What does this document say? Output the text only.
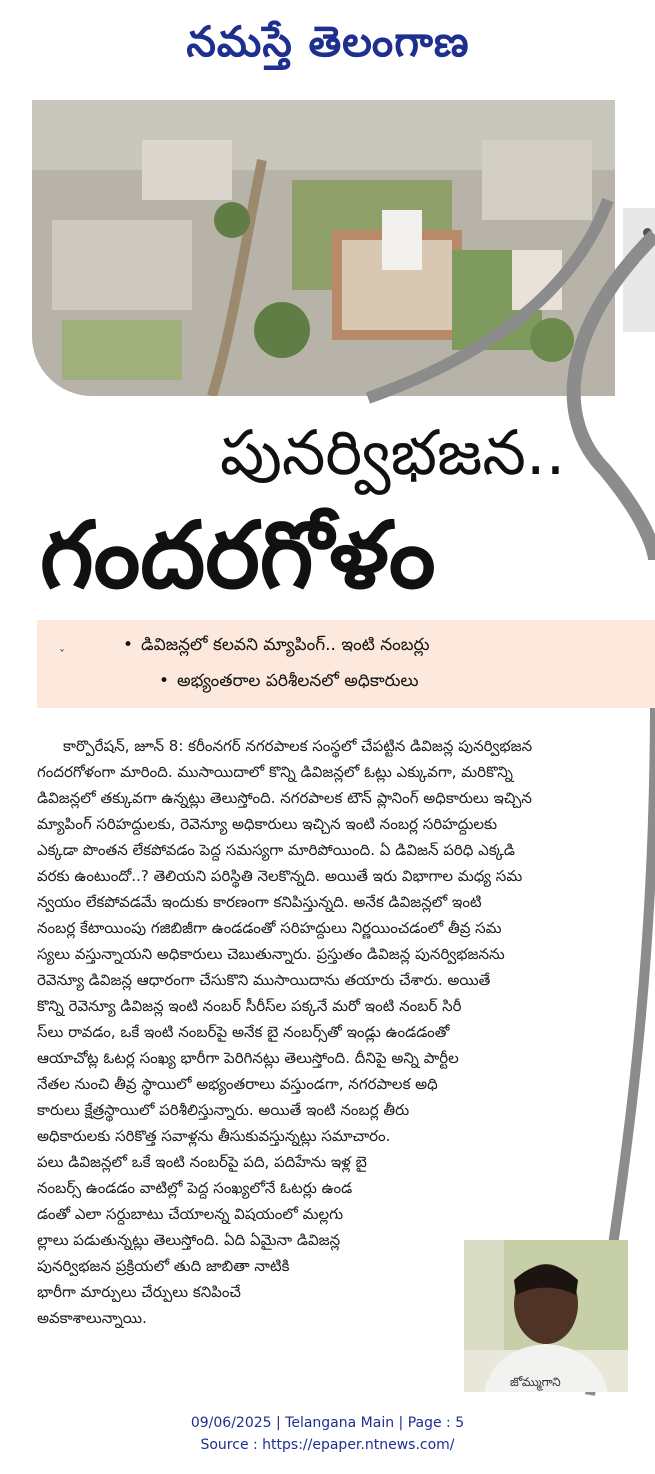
నమస్తే తెలంగాణ
పునర్విభజన..
గందరగోళం
ˇ	• డివిజన్లలో కలవని మ్యాపింగ్.. ఇంటి నంబర్లు
• అభ్యంతరాల పరిశీలనలో అధికారులు
కార్పొరేషన్, జూన్ 8: కరీంనగర్ నగరపాలక సంస్థలో చేపట్టిన డివిజన్ల పునర్విభజన
గందరగోళంగా మారింది. ముసాయిదాలో కొన్ని డివిజన్లలో ఓట్లు ఎక్కువగా, మరికొన్ని
డివిజన్లలో తక్కువగా ఉన్నట్లు తెలుస్తోంది. నగరపాలక టౌన్ ప్లానింగ్ అధికారులు ఇచ్చిన
మ్యాపింగ్ సరిహద్దులకు, రెవెన్యూ అధికారులు ఇచ్చిన ఇంటి నంబర్ల సరిహద్దులకు
ఎక్కడా పొంతన లేకపోవడం పెద్ద సమస్యగా మారిపోయింది. ఏ డివిజన్ పరిధి ఎక్కడి
వరకు ఉంటుందో..? తెలియని పరిస్థితి నెలకొన్నది. అయితే ఇరు విభాగాల మధ్య సమ
న్వయం లేకపోవడమే ఇందుకు కారణంగా కనిపిస్తున్నది. అనేక డివిజన్లలో ఇంటి
నంబర్ల కేటాయింపు గజిబిజీగా ఉండడంతో సరిహద్దులు నిర్ణయించడంలో తీవ్ర సమ
స్యలు వస్తున్నాయని అధికారులు చెబుతున్నారు. ప్రస్తుతం డివిజన్ల పునర్విభజనను
రెవెన్యూ డివిజన్ల ఆధారంగా చేసుకొని ముసాయిదాను తయారు చేశారు. అయితే
కొన్ని రెవెన్యూ డివిజన్ల ఇంటి నంబర్ సీరీస్‌ల పక్కనే మరో ఇంటి నంబర్ సిరీ
స్‌లు రావడం, ఒకే ఇంటి నంబర్‌పై అనేక బై నంబర్స్‌తో ఇండ్లు ఉండడంతో
ఆయాచోట్ల ఓటర్ల సంఖ్య భారీగా పెరిగినట్లు తెలుస్తోంది. దీనిపై అన్ని పార్టీల
నేతల నుంచి తీవ్ర స్థాయిలో అభ్యంతరాలు వస్తుండగా, నగరపాలక అధి
కారులు క్షేత్రస్థాయిలో పరిశీలిస్తున్నారు. అయితే ఇంటి నంబర్ల తీరు
అధికారులకు సరికొత్త సవాళ్లను తీసుకువస్తున్నట్లు సమాచారం.
పలు డివిజన్లలో ఒకే ఇంటి నంబర్‌పై పది, పదిహేను ఇళ్ల బై
నంబర్స్ ఉండడం వాటిల్లో పెద్ద సంఖ్యలోనే ఓటర్లు ఉండ
డంతో ఎలా సర్దుబాటు చేయాలన్న విషయంలో మల్లగు
ల్లాలు పడుతున్నట్లు తెలుస్తోంది. ఏది ఏమైనా డివిజన్ల
పునర్విభజన ప్రక్రియలో తుది జాబితా నాటికి
భారీగా మార్పులు చేర్పులు కనిపించే
అవకాశాలున్నాయి.
జోమ్ముగాని
09/06/2025 | Telangana Main | Page : 5
Source : https://epaper.ntnews.com/
